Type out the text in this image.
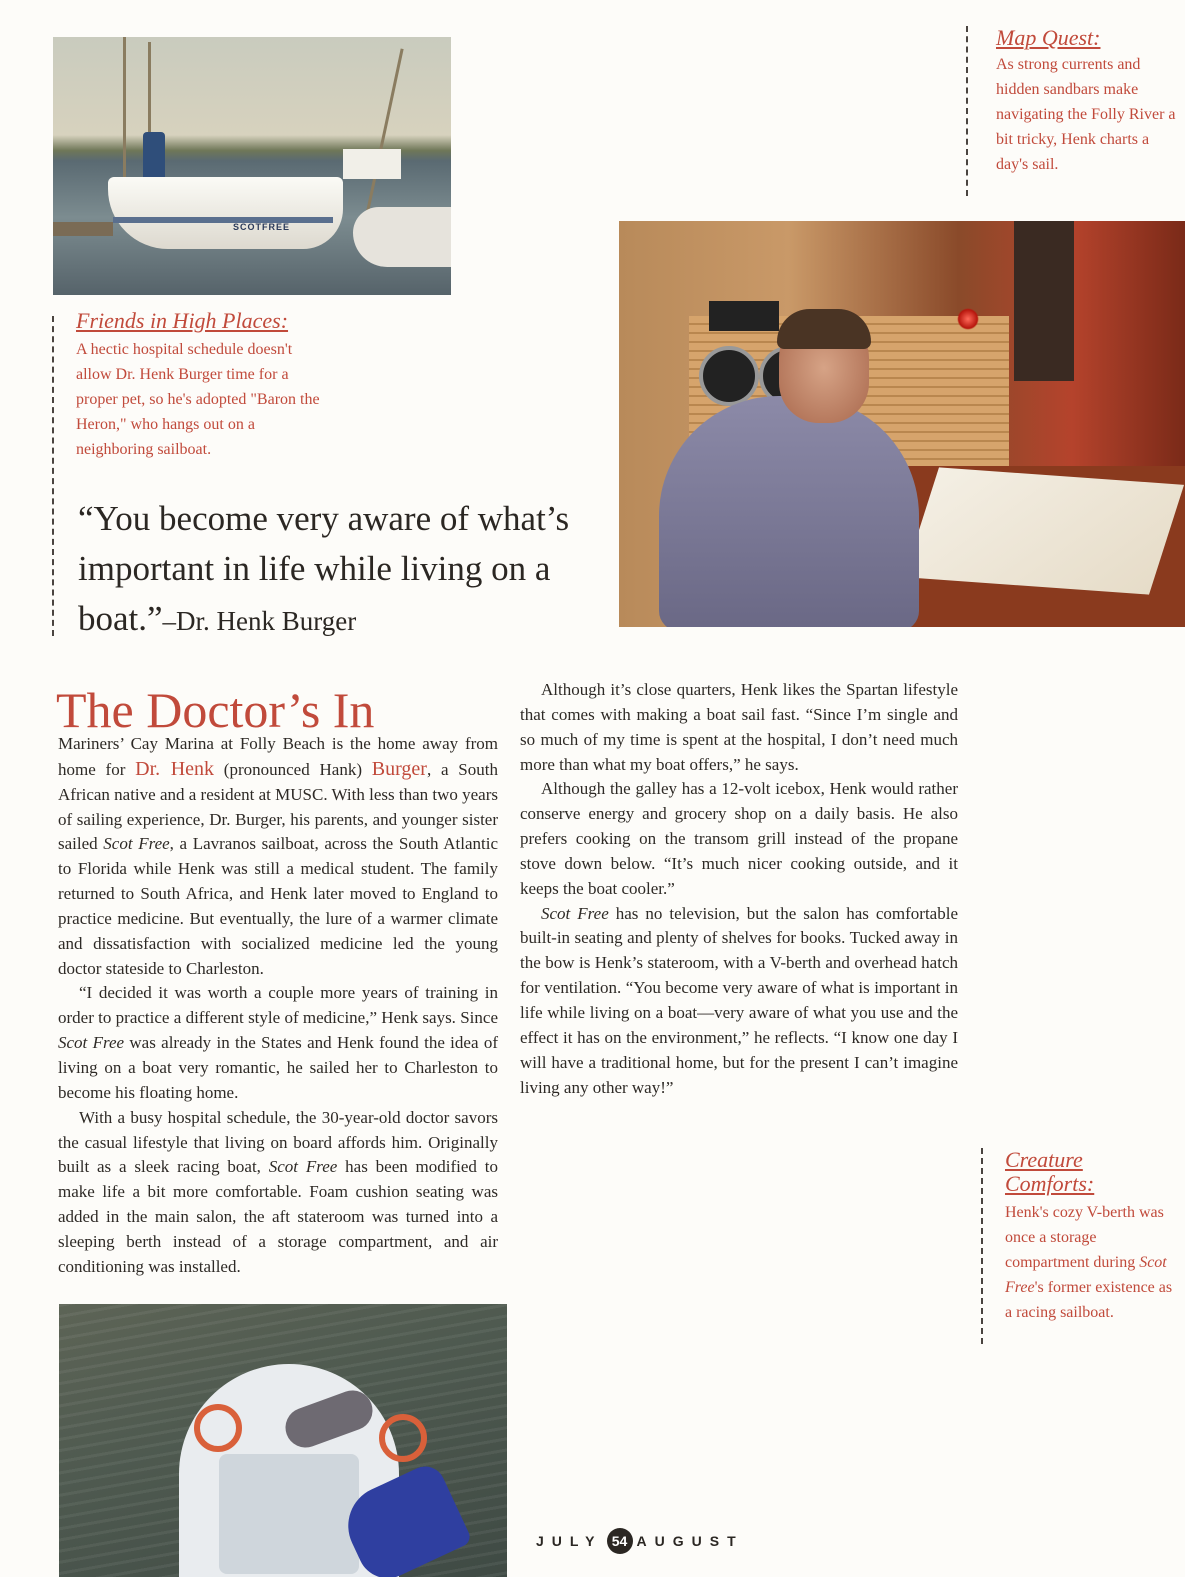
SCOTFREE
Map Quest:
As strong currents and hidden sandbars make navigating the Folly River a bit tricky, Henk charts a day's sail.
Friends in High Places:
A hectic hospital schedule doesn't allow Dr. Henk Burger time for a proper pet, so he's adopted "Baron the Heron," who hangs out on a neighboring sailboat.
Creature Comforts:
Henk's cozy V-berth was once a storage compartment during Scot Free's former existence as a racing sailboat.
“You become very aware of what’s important in life while living on a boat.”–Dr. Henk Burger
The Doctor’s In

Mariners’ Cay Marina at Folly Beach is the home away from home for Dr. Henk (pronounced Hank) Burger, a South African native and a resident at MUSC. With less than two years of sailing experience, Dr. Burger, his parents, and younger sister sailed Scot Free, a Lavranos sailboat, across the South Atlantic to Florida while Henk was still a medical student. The family returned to South Africa, and Henk later moved to England to practice medicine. But eventually, the lure of a warmer climate and dissatisfaction with socialized medicine led the young doctor stateside to Charleston.

“I decided it was worth a couple more years of training in order to practice a different style of medicine,” Henk says. Since Scot Free was already in the States and Henk found the idea of living on a boat very romantic, he sailed her to Charleston to become his floating home.

With a busy hospital schedule, the 30-year-old doctor savors the casual lifestyle that living on board affords him. Originally built as a sleek racing boat, Scot Free has been modified to make life a bit more comfortable. Foam cushion seating was added in the main salon, the aft stateroom was turned into a sleeping berth instead of a storage compartment, and air conditioning was installed.

Although it’s close quarters, Henk likes the Spartan lifestyle that comes with making a boat sail fast. “Since I’m single and so much of my time is spent at the hospital, I don’t need much more than what my boat offers,” he says.

Although the galley has a 12-volt icebox, Henk would rather conserve energy and grocery shop on a daily basis. He also prefers cooking on the transom grill instead of the propane stove down below. “It’s much nicer cooking outside, and it keeps the boat cooler.”

Scot Free has no television, but the salon has comfortable built-in seating and plenty of shelves for books. Tucked away in the bow is Henk’s stateroom, with a V-berth and overhead hatch for ventilation. “You become very aware of what is important in life while living on a boat—very aware of what you use and the effect it has on the environment,” he reflects. “I know one day I will have a traditional home, but for the present I can’t imagine living any other way!”

JULY 54 AUGUST
